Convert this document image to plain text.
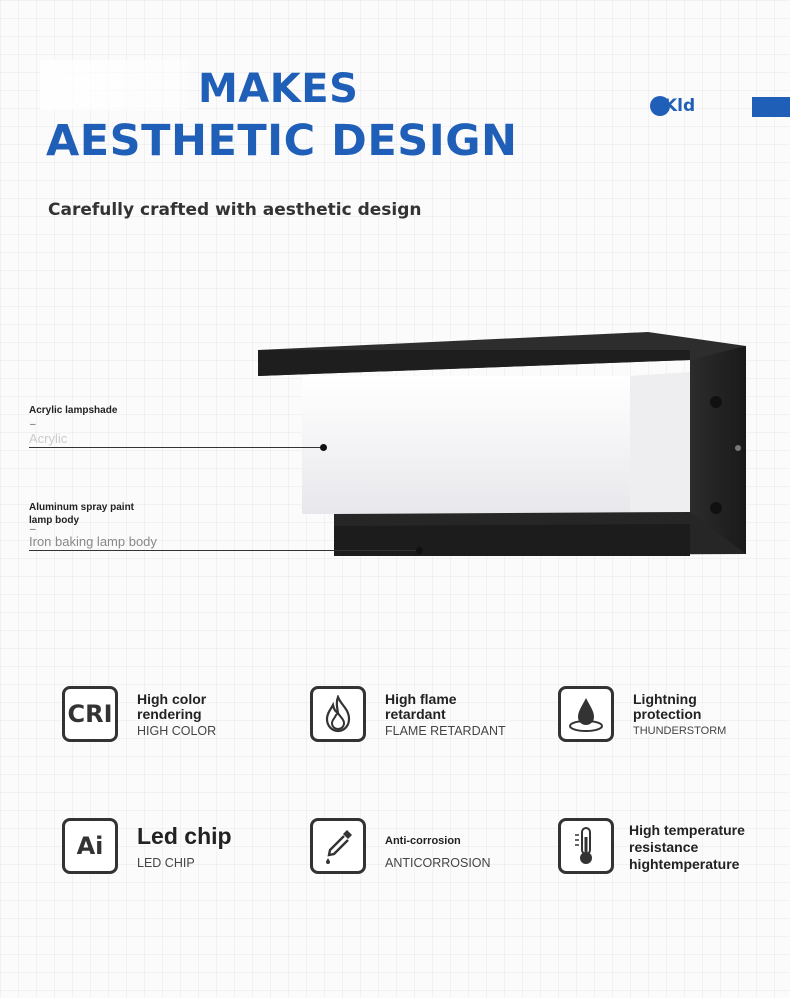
MAKES
AESTHETIC DESIGN

Carefully crafted with aesthetic design

Kld
Acrylic lampshade
–
Acrylic
Aluminum spray paint
lamp body
–
Iron baking lamp body
CRI
High color
rendering
HIGH COLOR
High flame
retardant
FLAME RETARDANT
Lightning
protection
THUNDERSTORM
Ai Led chip
LED CHIP
Anti-corrosion
ANTICORROSION
High temperature
resistance
hightemperature
